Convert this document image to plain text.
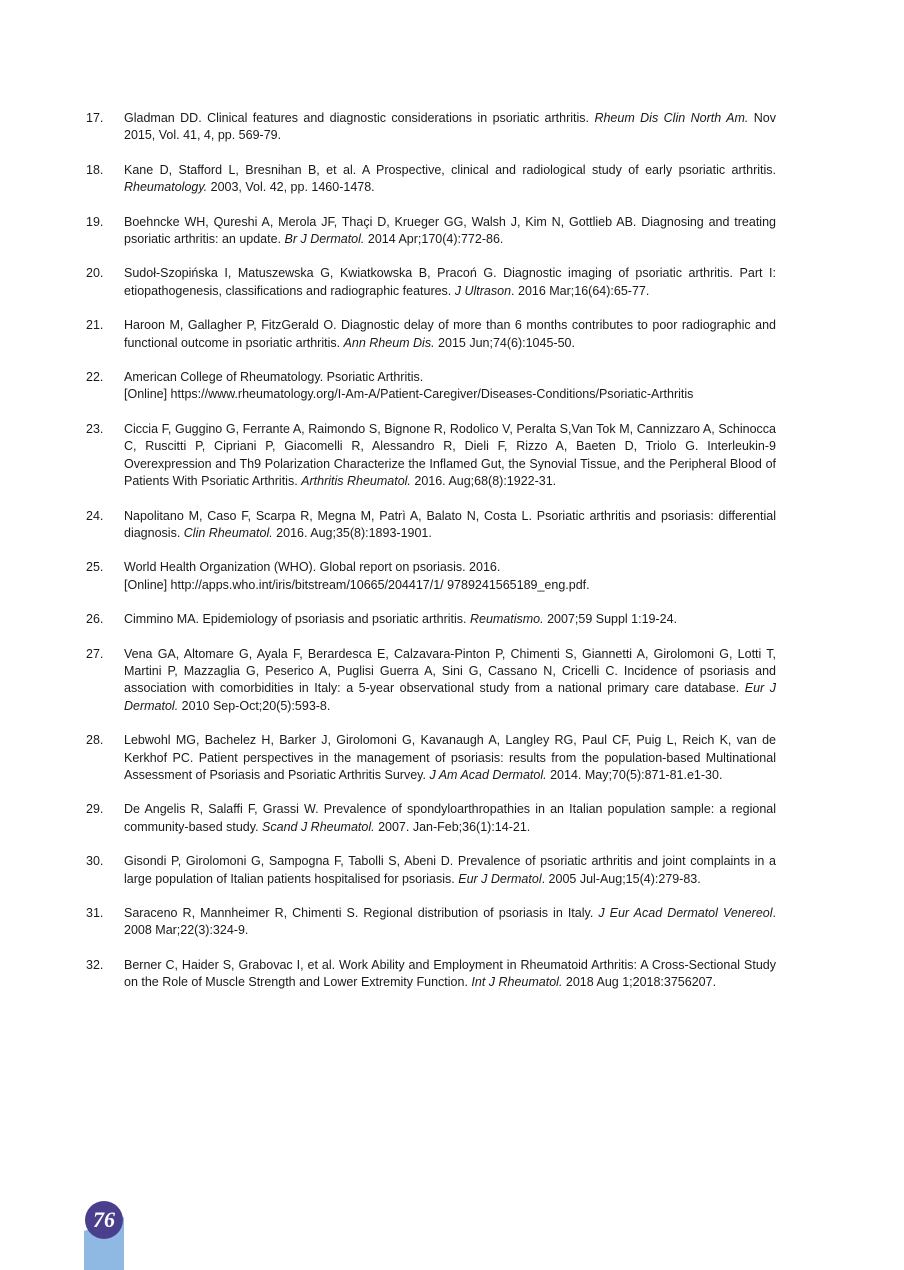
17.	Gladman DD. Clinical features and diagnostic considerations in psoriatic arthritis. Rheum Dis Clin North Am. Nov 2015, Vol. 41, 4, pp. 569-79.
18.	Kane D, Stafford L, Bresnihan B, et al. A Prospective, clinical and radiological study of early psoriatic arthritis. Rheumatology. 2003, Vol. 42, pp. 1460-1478.
19.	Boehncke WH, Qureshi A, Merola JF, Thaçi D, Krueger GG, Walsh J, Kim N, Gottlieb AB. Diagnosing and treating psoriatic arthritis: an update. Br J Dermatol. 2014 Apr;170(4):772-86.
20.	Sudoł-Szopińska I, Matuszewska G, Kwiatkowska B, Pracoń G. Diagnostic imaging of psoriatic arthritis. Part I: etiopathogenesis, classifications and radiographic features. J Ultrason. 2016 Mar;16(64):65-77.
21.	Haroon M, Gallagher P, FitzGerald O. Diagnostic delay of more than 6 months contributes to poor radiographic and functional outcome in psoriatic arthritis. Ann Rheum Dis. 2015 Jun;74(6):1045-50.
22.	American College of Rheumatology. Psoriatic Arthritis.
[Online] https://www.rheumatology.org/I-Am-A/Patient-Caregiver/Diseases-Conditions/Psoriatic-Arthritis
23.	Ciccia F, Guggino G, Ferrante A, Raimondo S, Bignone R, Rodolico V, Peralta S,Van Tok M, Cannizzaro A, Schinocca C, Ruscitti P, Cipriani P, Giacomelli R, Alessandro R, Dieli F, Rizzo A, Baeten D, Triolo G. Interleukin-9 Overexpression and Th9 Polarization Characterize the Inflamed Gut, the Synovial Tissue, and the Peripheral Blood of Patients With Psoriatic Arthritis. Arthritis Rheumatol. 2016. Aug;68(8):1922-31.
24.	Napolitano M, Caso F, Scarpa R, Megna M, Patrì A, Balato N, Costa L. Psoriatic arthritis and psoriasis: differential diagnosis. Clin Rheumatol. 2016. Aug;35(8):1893-1901.
25.	World Health Organization (WHO). Global report on psoriasis. 2016.
[Online] http://apps.who.int/iris/bitstream/10665/204417/1/ 9789241565189_eng.pdf.
26.	Cimmino MA. Epidemiology of psoriasis and psoriatic arthritis. Reumatismo. 2007;59 Suppl 1:19-24.
27.	Vena GA, Altomare G, Ayala F, Berardesca E, Calzavara-Pinton P, Chimenti S, Giannetti A, Girolomoni G, Lotti T, Martini P, Mazzaglia G, Peserico A, Puglisi Guerra A, Sini G, Cassano N, Cricelli C. Incidence of psoriasis and association with comorbidities in Italy: a 5-year observational study from a national primary care database. Eur J Dermatol. 2010 Sep-Oct;20(5):593-8.
28.	Lebwohl MG, Bachelez H, Barker J, Girolomoni G, Kavanaugh A, Langley RG, Paul CF, Puig L, Reich K, van de Kerkhof PC. Patient perspectives in the management of psoriasis: results from the population-based Multinational Assessment of Psoriasis and Psoriatic Arthritis Survey. J Am Acad Dermatol. 2014. May;70(5):871-81.e1-30.
29.	De Angelis R, Salaffi F, Grassi W. Prevalence of spondyloarthropathies in an Italian population sample: a regional community-based study. Scand J Rheumatol. 2007. Jan-Feb;36(1):14-21.
30.	Gisondi P, Girolomoni G, Sampogna F, Tabolli S, Abeni D. Prevalence of psoriatic arthritis and joint complaints in a large population of Italian patients hospitalised for psoriasis. Eur J Dermatol. 2005 Jul-Aug;15(4):279-83.
31.	Saraceno R, Mannheimer R, Chimenti S. Regional distribution of psoriasis in Italy. J Eur Acad Dermatol Venereol. 2008 Mar;22(3):324-9.
32.	Berner C, Haider S, Grabovac I, et al. Work Ability and Employment in Rheumatoid Arthritis: A Cross-Sectional Study on the Role of Muscle Strength and Lower Extremity Function. Int J Rheumatol. 2018 Aug 1;2018:3756207.
76
